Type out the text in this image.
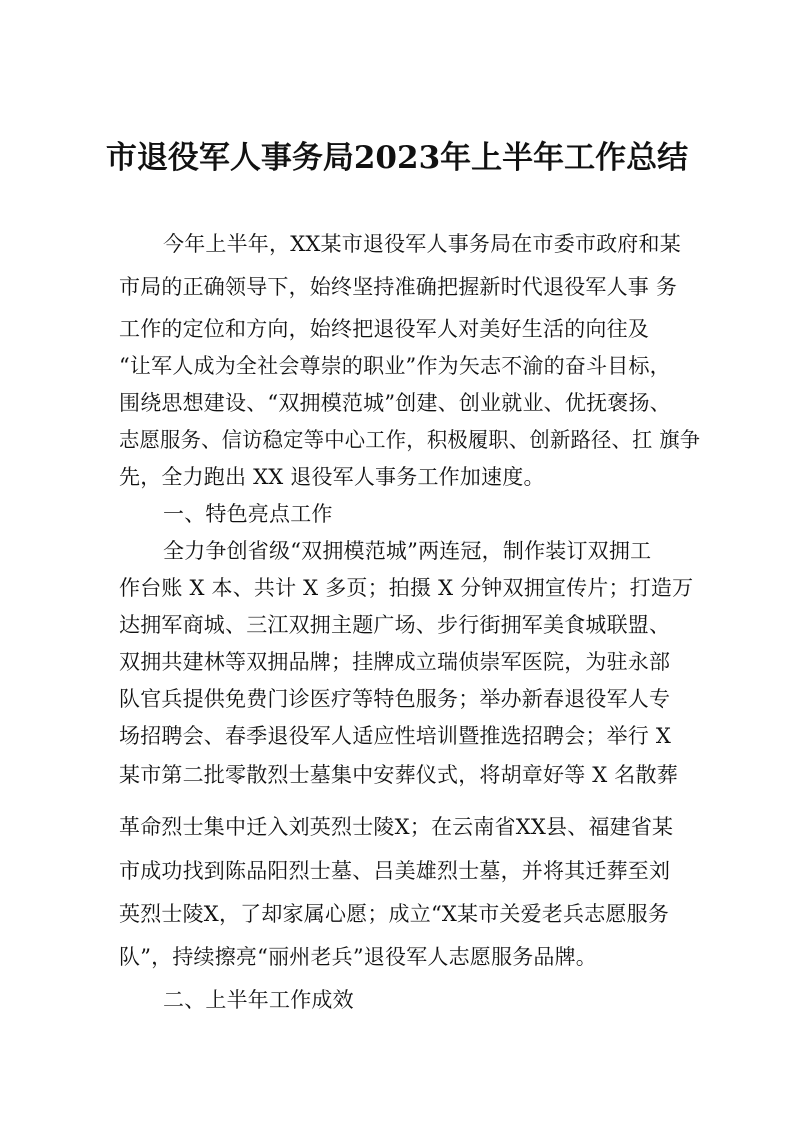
市退役军人事务局2023年上半年工作总结
今年上半年，XX某市退役军人事务局在市委市政府和某
市局的正确领导下，始终坚持准确把握新时代退役军人事 务
工作的定位和方向，始终把退役军人对美好生活的向往及
“让军人成为全社会尊崇的职业”作为矢志不渝的奋斗目标，
围绕思想建设、“双拥模范城”创建、创业就业、优抚褒扬、
志愿服务、信访稳定等中心工作，积极履职、创新路径、扛 旗争
先，全力跑出 XX 退役军人事务工作加速度。
一、特色亮点工作
全力争创省级“双拥模范城”两连冠，制作装订双拥工
作台账 X 本、共计 X 多页；拍摄 X 分钟双拥宣传片；打造万
达拥军商城、三江双拥主题广场、步行街拥军美食城联盟、
双拥共建林等双拥品牌；挂牌成立瑞侦崇军医院，为驻永部
队官兵提供免费门诊医疗等特色服务；举办新春退役军人专
场招聘会、春季退役军人适应性培训暨推选招聘会；举行 X
某市第二批零散烈士墓集中安葬仪式，将胡章好等 X 名散葬
革命烈士集中迁入刘英烈士陵X；在云南省XX县、福建省某
市成功找到陈品阳烈士墓、吕美雄烈士墓，并将其迁葬至刘
英烈士陵X，了却家属心愿；成立“X某市关爱老兵志愿服务
队”，持续擦亮“丽州老兵”退役军人志愿服务品牌。
二、上半年工作成效
